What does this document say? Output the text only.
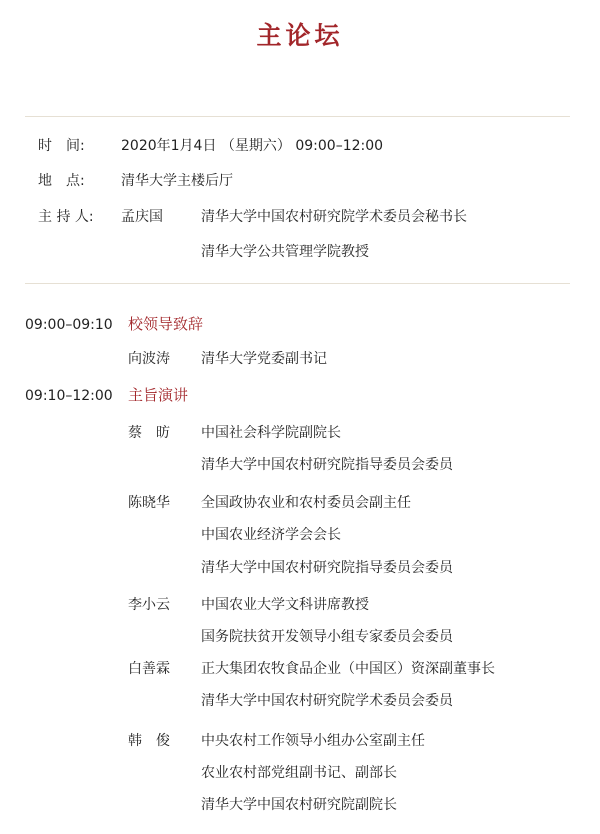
主论坛
时　间:	2020年1月4日 （星期六） 09:00–12:00
地　点:	清华大学主楼后厅
主 持 人: 孟庆国	清华大学中国农村研究院学术委员会秘书长
清华大学公共管理学院教授
09:00–09:10 校领导致辞
向波涛 清华大学党委副书记
09:10–12:00 主旨演讲
蔡　昉 中国社会科学院副院长
清华大学中国农村研究院指导委员会委员
陈晓华 全国政协农业和农村委员会副主任
中国农业经济学会会长
清华大学中国农村研究院指导委员会委员
李小云 中国农业大学文科讲席教授
国务院扶贫开发领导小组专家委员会委员
白善霖 正大集团农牧食品企业（中国区）资深副董事长
清华大学中国农村研究院学术委员会委员
韩　俊 中央农村工作领导小组办公室副主任
农业农村部党组副书记、副部长
清华大学中国农村研究院副院长
